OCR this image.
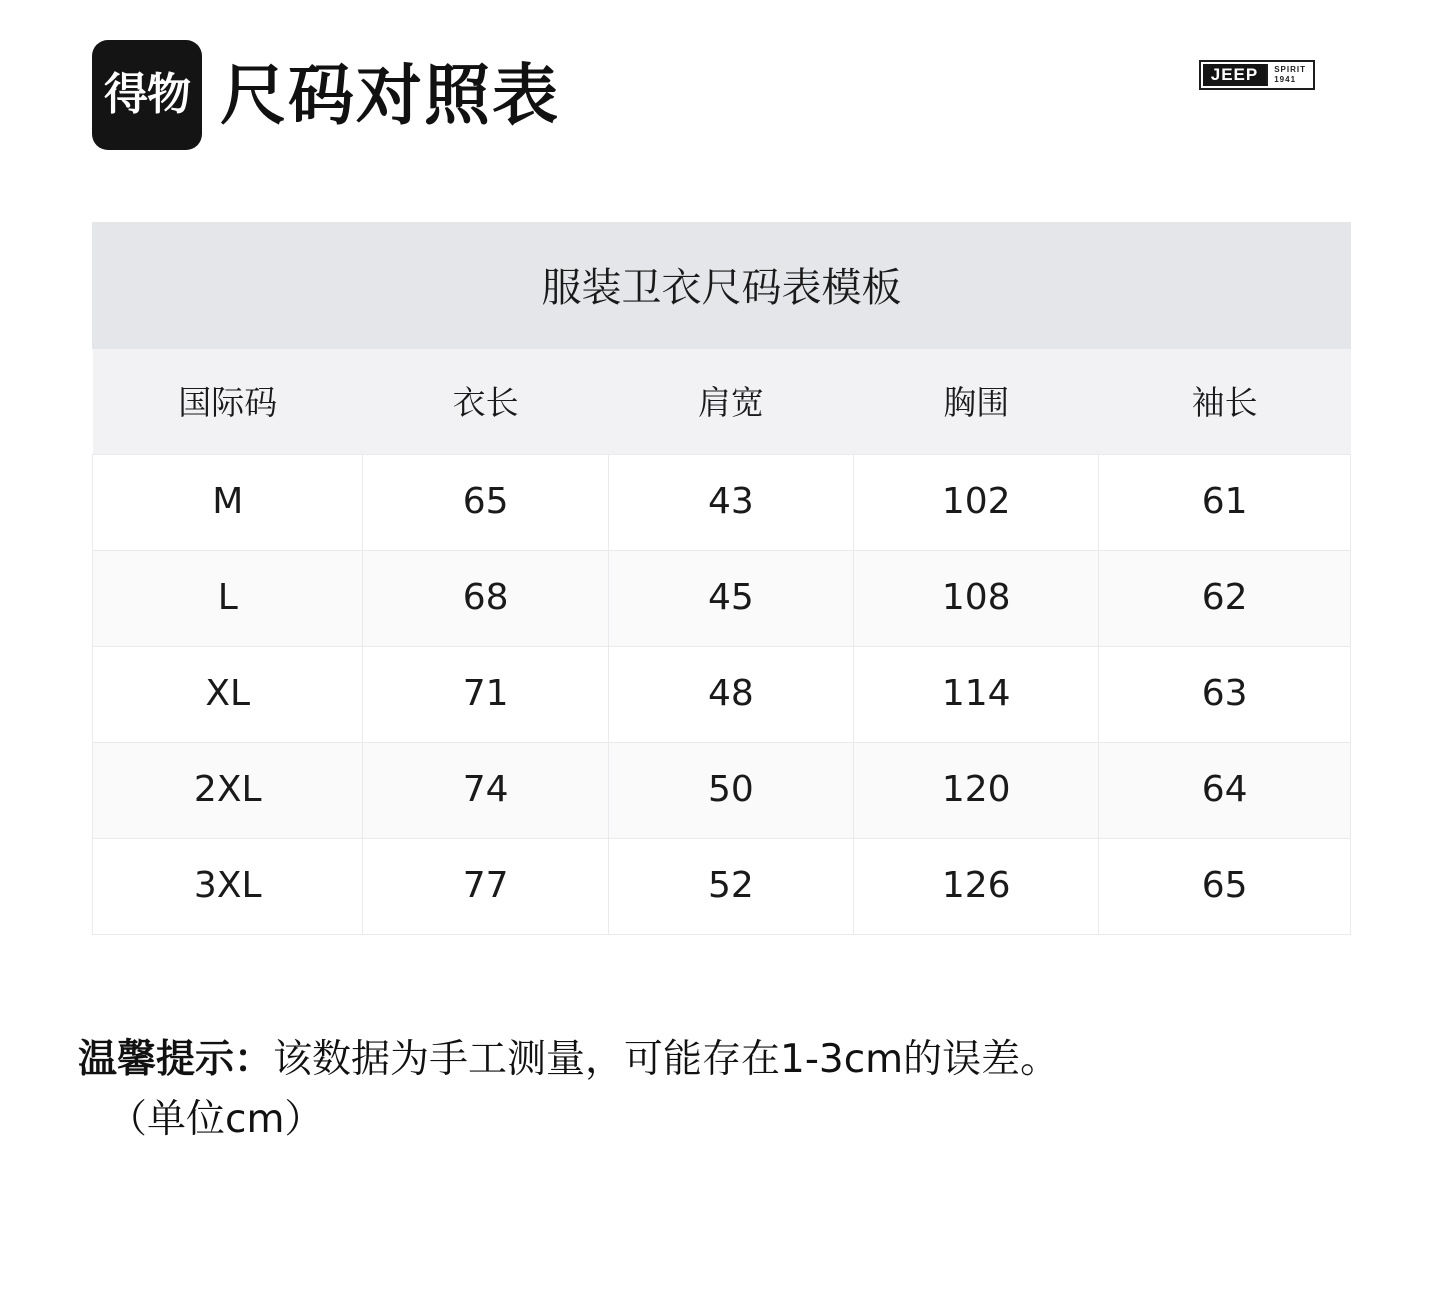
得物 尺码对照表	JEEP	SPIRIT
1941
服装卫衣尺码表模板
国际码	衣长	肩宽	胸围	袖长
M	65	43	102	61
L	68	45	108	62
XL	71	48	114	63
2XL	74	50	120	64
3XL	77	52	126	65
温馨提示：该数据为手工测量，可能存在1-3cm的误差。
（单位cm）
